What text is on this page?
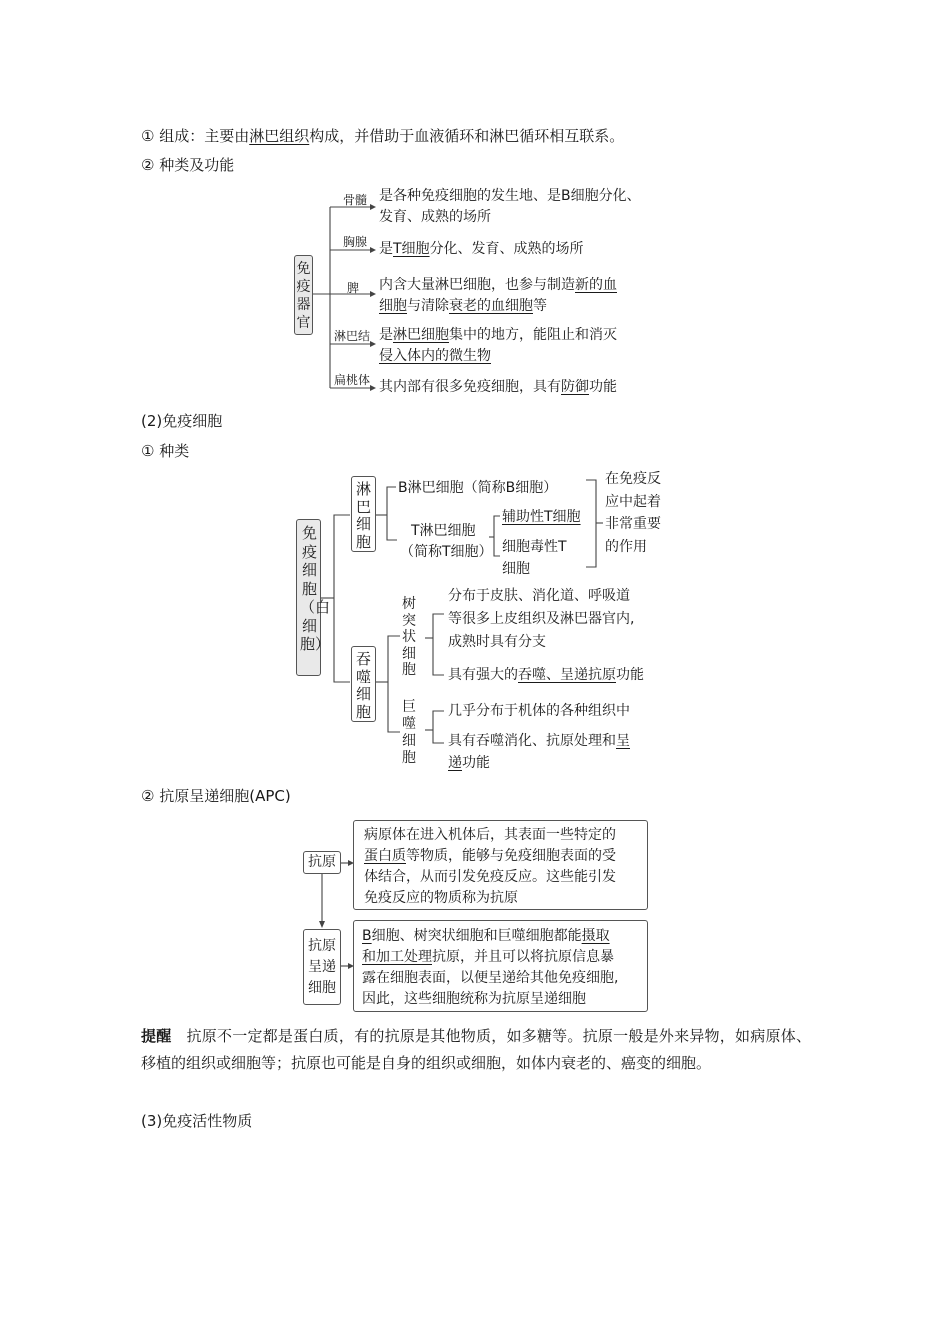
① 组成：主要由淋巴组织构成，并借助于血液循环和淋巴循环相互联系。
② 种类及功能
免疫器官
骨髓
胸腺
脾
淋巴结
扁桃体
是各种免疫细胞的发生地、是B细胞分化、
发育、成熟的场所
是T细胞分化、发育、成熟的场所
内含大量淋巴细胞，也参与制造新的血
细胞与清除衰老的血细胞等
是淋巴细胞集中的地方，能阻止和消灭
侵入体内的微生物
其内部有很多免疫细胞，具有防御功能
(2)免疫细胞
① 种类
免疫细胞（白细胞）
淋巴细胞
吞噬细胞
B淋巴细胞（简称B细胞）
T淋巴细胞
（简称T细胞）
辅助性T细胞
细胞毒性T
细胞
在免疫反应中起着非常重要的作用
树突状细胞
分布于皮肤、消化道、呼吸道
等很多上皮组织及淋巴器官内,
成熟时具有分支
具有强大的吞噬、呈递抗原功能
巨噬细胞
几乎分布于机体的各种组织中
具有吞噬消化、抗原处理和呈
递功能
② 抗原呈递细胞(APC)
抗原
抗原呈递细胞
病原体在进入机体后，其表面一些特定的
蛋白质等物质，能够与免疫细胞表面的受
体结合，从而引发免疫反应。这些能引发
免疫反应的物质称为抗原
B细胞、树突状细胞和巨噬细胞都能摄取
和加工处理抗原，并且可以将抗原信息暴
露在细胞表面，以便呈递给其他免疫细胞,
因此，这些细胞统称为抗原呈递细胞
提醒 抗原不一定都是蛋白质，有的抗原是其他物质，如多糖等。抗原一般是外来异物，如病原体、移植的组织或细胞等；抗原也可能是自身的组织或细胞，如体内衰老的、癌变的细胞。
(3)免疫活性物质
